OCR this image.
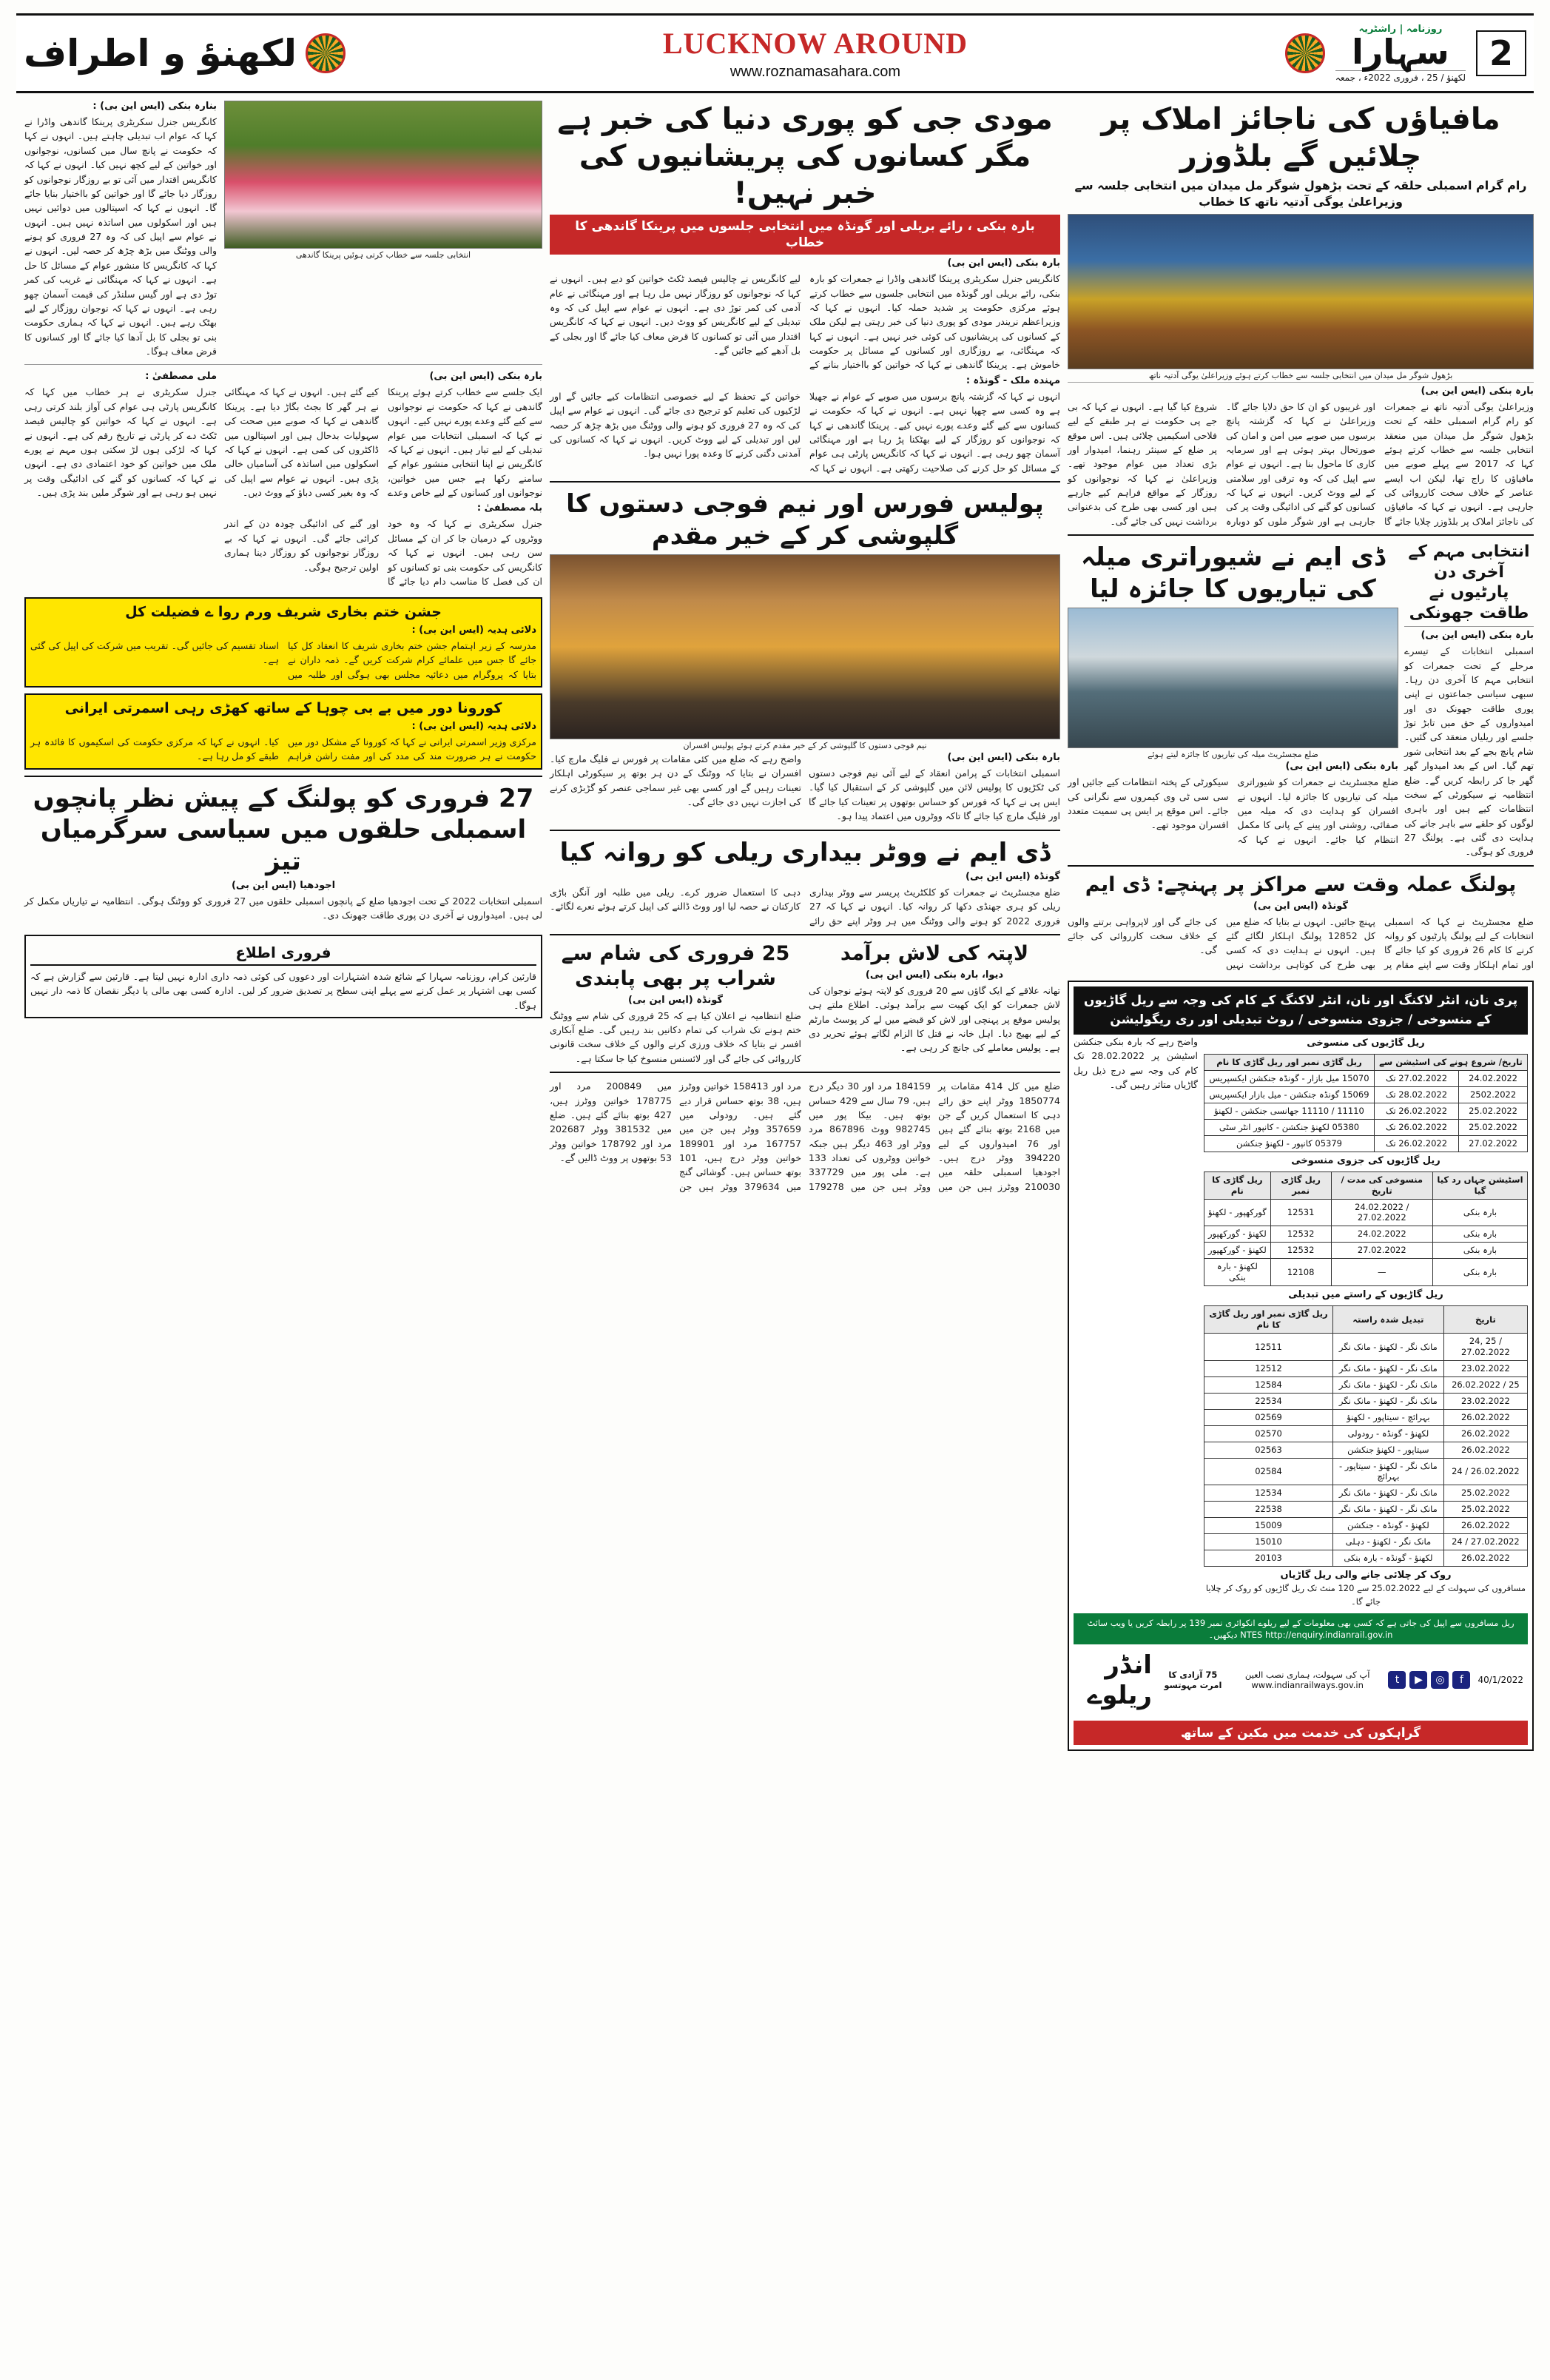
2
روزنامہ | راشٹریہ
سہارا
لکھنؤ / 25 ، فروری 2022ء ، جمعہ
LUCKNOW AROUND
www.roznamasahara.com
لکھنؤ و اطراف
مافیاؤں کی ناجائز املاک پر چلائیں گے بلڈوزر
رام گرام اسمبلی حلقہ کے تحت بڑھول شوگر مل میدان میں انتخابی جلسہ سے وزیراعلیٰ یوگی آدتیہ ناتھ کا خطاب
بڑھول شوگر مل میدان میں انتخابی جلسہ سے خطاب کرتے ہوئے وزیراعلیٰ یوگی آدتیہ ناتھ
بارہ بنکی (ایس این بی)
وزیراعلیٰ یوگی آدتیہ ناتھ نے جمعرات کو رام گرام اسمبلی حلقہ کے تحت بڑھول شوگر مل میدان میں منعقد انتخابی جلسہ سے خطاب کرتے ہوئے کہا کہ 2017 سے پہلے صوبے میں مافیاؤں کا راج تھا، لیکن اب ایسے عناصر کے خلاف سخت کارروائی کی جارہی ہے۔ انہوں نے کہا کہ مافیاؤں کی ناجائز املاک پر بلڈوزر چلایا جائے گا اور غریبوں کو ان کا حق دلایا جائے گا۔ وزیراعلیٰ نے کہا کہ گزشتہ پانچ برسوں میں صوبے میں امن و امان کی صورتحال بہتر ہوئی ہے اور سرمایہ کاری کا ماحول بنا ہے۔ انہوں نے عوام سے اپیل کی کہ وہ ترقی اور سلامتی کے لیے ووٹ کریں۔ انہوں نے کہا کہ کسانوں کو گنے کی ادائیگی وقت پر کی جارہی ہے اور شوگر ملوں کو دوبارہ شروع کیا گیا ہے۔ انہوں نے کہا کہ بی جے پی حکومت نے ہر طبقے کے لیے فلاحی اسکیمیں چلائی ہیں۔ اس موقع پر ضلع کے سینئر رہنما، امیدوار اور بڑی تعداد میں عوام موجود تھے۔ وزیراعلیٰ نے کہا کہ نوجوانوں کو روزگار کے مواقع فراہم کیے جارہے ہیں اور کسی بھی طرح کی بدعنوانی برداشت نہیں کی جائے گی۔
انتخابی مہم کے آخری دن پارٹیوں نے طاقت جھونکی
بارہ بنکی (ایس این بی)
اسمبلی انتخابات کے تیسرے مرحلے کے تحت جمعرات کو انتخابی مہم کا آخری دن رہا۔ سبھی سیاسی جماعتوں نے اپنی پوری طاقت جھونک دی اور امیدواروں کے حق میں تابڑ توڑ جلسے اور ریلیاں منعقد کی گئیں۔ شام پانچ بجے کے بعد انتخابی شور تھم گیا۔ اس کے بعد امیدوار گھر گھر جا کر رابطہ کریں گے۔ ضلع انتظامیہ نے سیکورٹی کے سخت انتظامات کیے ہیں اور باہری لوگوں کو حلقے سے باہر جانے کی ہدایت دی گئی ہے۔ پولنگ 27 فروری کو ہوگی۔
ڈی ایم نے شیوراتری میلہ کی تیاریوں کا جائزہ لیا
ضلع مجسٹریٹ میلہ کی تیاریوں کا جائزہ لیتے ہوئے
بارہ بنکی (ایس این بی)
ضلع مجسٹریٹ نے جمعرات کو شیوراتری میلہ کی تیاریوں کا جائزہ لیا۔ انہوں نے افسران کو ہدایت دی کہ میلہ میں صفائی، روشنی اور پینے کے پانی کا مکمل انتظام کیا جائے۔ انہوں نے کہا کہ سیکورٹی کے پختہ انتظامات کیے جائیں اور سی سی ٹی وی کیمروں سے نگرانی کی جائے۔ اس موقع پر ایس پی سمیت متعدد افسران موجود تھے۔
پولنگ عملہ وقت سے مراکز پر پہنچے: ڈی ایم
گونڈہ (ایس این بی)
ضلع مجسٹریٹ نے کہا کہ اسمبلی انتخابات کے لیے پولنگ پارٹیوں کو روانہ کرنے کا کام 26 فروری کو کیا جائے گا اور تمام اہلکار وقت سے اپنے مقام پر پہنچ جائیں۔ انہوں نے بتایا کہ ضلع میں کل 12852 پولنگ اہلکار لگائے گئے ہیں۔ انہوں نے ہدایت دی کہ کسی بھی طرح کی کوتاہی برداشت نہیں کی جائے گی اور لاپرواہی برتنے والوں کے خلاف سخت کارروائی کی جائے گی۔
پری نان، انٹر لاکنگ اور نان، انٹر لاکنگ کے کام کی وجہ سے ریل گاڑیوں کے منسوخی / جزوی منسوخی / روٹ تبدیلی اور ری ریگولیشن
ریل گاڑیوں کی منسوخی
تاریخ/ شروع ہونے کی اسٹیشن سے		ریل گاڑی نمبر اور ریل گاڑی کا نام
24.02.2022	27.02.2022 تک	15070 میل بازار - گونڈہ جنکشن ایکسپریس
2502.2022	28.02.2022 تک	15069 گونڈہ جنکشن - میل بازار ایکسپریس
25.02.2022	26.02.2022 تک	11110 / 11110 جھانسی جنکشن - لکھنؤ
25.02.2022	26.02.2022 تک	05380 لکھنؤ جنکشن - کانپور انٹر سٹی
27.02.2022	26.02.2022 تک	05379 کانپور - لکھنؤ جنکشن
ریل گاڑیوں کی جزوی منسوخی
اسٹیشن جہاں رد کیا گیا	منسوخی کی مدت / تاریخ	ریل گاڑی نمبر	ریل گاڑی کا نام
بارہ بنکی	24.02.2022 / 27.02.2022	12531	گورکھپور - لکھنؤ
بارہ بنکی	24.02.2022	12532	لکھنؤ - گورکھپور
بارہ بنکی	27.02.2022	12532	لکھنؤ - گورکھپور
بارہ بنکی	—	12108	لکھنؤ - بارہ بنکی
ریل گاڑیوں کے راستے میں تبدیلی
تاریخ	تبدیل شدہ راستہ	ریل گاڑی نمبر اور ریل گاڑی کا نام
24, 25 / 27.02.2022	مانک نگر - لکھنؤ - مانک نگر	12511
23.02.2022	مانک نگر - لکھنؤ - مانک نگر	12512
26.02.2022 / 25	مانک نگر - لکھنؤ - مانک نگر	12584
23.02.2022	مانک نگر - لکھنؤ - مانک نگر	22534
26.02.2022	بہرائچ - سیتاپور - لکھنؤ	02569
26.02.2022	لکھنؤ - گونڈہ - رودولی	02570
26.02.2022	سیتاپور - لکھنؤ جنکشن	02563
24 / 26.02.2022	مانک نگر - لکھنؤ - سیتاپور - بہرائچ	02584
25.02.2022	مانک نگر - لکھنؤ - مانک نگر	12534
25.02.2022	مانک نگر - لکھنؤ - مانک نگر	22538
26.02.2022	لکھنؤ - گونڈہ - جنکشن	15009
24 / 27.02.2022	مانک نگر - لکھنؤ - دہلی	15010
26.02.2022	لکھنؤ - گونڈہ - بارہ بنکی	20103
روک کر چلائی جانے والی ریل گاڑیاں
مسافروں کی سہولت کے لیے 25.02.2022 سے 120 منٹ تک ریل گاڑیوں کو روک کر چلایا جائے گا۔
واضح رہے کہ بارہ بنکی جنکشن اسٹیشن پر 28.02.2022 تک کام کی وجہ سے درج ذیل ریل گاڑیاں متاثر رہیں گی۔
ریل مسافروں سے اپیل کی جاتی ہے کہ کسی بھی معلومات کے لیے ریلوے انکوائری نمبر 139 پر رابطہ کریں یا ویب سائٹ NTES http://enquiry.indianrail.gov.in دیکھیں۔
40/1/2022
f
◎
▶
t
آپ کی سہولت، ہماری نصب العین www.indianrailways.gov.in
75 آزادی کا امرت مہوتسو
انڈر ریلوے
گراہکوں کی خدمت میں مکین کے ساتھ
مودی جی کو پوری دنیا کی خبر ہے مگر کسانوں کی پریشانیوں کی خبر نہیں!
بارہ بنکی ، رائے بریلی اور گونڈہ میں انتخابی جلسوں میں پرینکا گاندھی کا خطاب
بارہ بنکی (ایس این بی)
کانگریس جنرل سکریٹری پرینکا گاندھی واڈرا نے جمعرات کو بارہ بنکی، رائے بریلی اور گونڈہ میں انتخابی جلسوں سے خطاب کرتے ہوئے مرکزی حکومت پر شدید حملہ کیا۔ انہوں نے کہا کہ وزیراعظم نریندر مودی کو پوری دنیا کی خبر رہتی ہے لیکن ملک کے کسانوں کی پریشانیوں کی کوئی خبر نہیں ہے۔ انہوں نے کہا کہ مہنگائی، بے روزگاری اور کسانوں کے مسائل پر حکومت خاموش ہے۔ پرینکا گاندھی نے کہا کہ خواتین کو بااختیار بنانے کے لیے کانگریس نے چالیس فیصد ٹکٹ خواتین کو دیے ہیں۔ انہوں نے کہا کہ نوجوانوں کو روزگار نہیں مل رہا ہے اور مہنگائی نے عام آدمی کی کمر توڑ دی ہے۔ انہوں نے عوام سے اپیل کی کہ وہ تبدیلی کے لیے کانگریس کو ووٹ دیں۔ انہوں نے کہا کہ کانگریس اقتدار میں آئی تو کسانوں کا قرض معاف کیا جائے گا اور بجلی کے بل آدھے کیے جائیں گے۔
مہندہ ملک - گونڈہ :
انہوں نے کہا کہ گزشتہ پانچ برسوں میں صوبے کے عوام نے جھیلا ہے وہ کسی سے چھپا نہیں ہے۔ انہوں نے کہا کہ حکومت نے کسانوں سے کیے گئے وعدے پورے نہیں کیے۔ پرینکا گاندھی نے کہا کہ نوجوانوں کو روزگار کے لیے بھٹکنا پڑ رہا ہے اور مہنگائی آسمان چھو رہی ہے۔ انہوں نے کہا کہ کانگریس پارٹی ہی عوام کے مسائل کو حل کرنے کی صلاحیت رکھتی ہے۔ انہوں نے کہا کہ خواتین کے تحفظ کے لیے خصوصی انتظامات کیے جائیں گے اور لڑکیوں کی تعلیم کو ترجیح دی جائے گی۔ انہوں نے عوام سے اپیل کی کہ وہ 27 فروری کو ہونے والی ووٹنگ میں بڑھ چڑھ کر حصہ لیں اور تبدیلی کے لیے ووٹ کریں۔ انہوں نے کہا کہ کسانوں کی آمدنی دگنی کرنے کا وعدہ پورا نہیں ہوا۔
پولیس فورس اور نیم فوجی دستوں کا گلپوشی کر کے خیر مقدم
نیم فوجی دستوں کا گلپوشی کر کے خیر مقدم کرتے ہوئے پولیس افسران
بارہ بنکی (ایس این بی)
اسمبلی انتخابات کے پرامن انعقاد کے لیے آئی نیم فوجی دستوں کی ٹکڑیوں کا پولیس لائن میں گلپوشی کر کے استقبال کیا گیا۔ ایس پی نے کہا کہ فورس کو حساس بوتھوں پر تعینات کیا جائے گا اور فلیگ مارچ کیا جائے گا تاکہ ووٹروں میں اعتماد پیدا ہو۔
واضح رہے کہ ضلع میں کئی مقامات پر فورس نے فلیگ مارچ کیا۔ افسران نے بتایا کہ ووٹنگ کے دن ہر بوتھ پر سیکورٹی اہلکار تعینات رہیں گے اور کسی بھی غیر سماجی عنصر کو گڑبڑی کرنے کی اجازت نہیں دی جائے گی۔
ڈی ایم نے ووٹر بیداری ریلی کو روانہ کیا
گونڈہ (ایس این بی)
ضلع مجسٹریٹ نے جمعرات کو کلکٹریٹ پریسر سے ووٹر بیداری ریلی کو ہری جھنڈی دکھا کر روانہ کیا۔ انہوں نے کہا کہ 27 فروری 2022 کو ہونے والی ووٹنگ میں ہر ووٹر اپنے حق رائے دہی کا استعمال ضرور کرے۔ ریلی میں طلبہ اور آنگن باڑی کارکنان نے حصہ لیا اور ووٹ ڈالنے کی اپیل کرتے ہوئے نعرے لگائے۔
لاپتہ کی لاش برآمد
دیوا، بارہ بنکی (ایس این بی)
تھانہ علاقے کے ایک گاؤں سے 20 فروری کو لاپتہ ہوئے نوجوان کی لاش جمعرات کو ایک کھیت سے برآمد ہوئی۔ اطلاع ملتے ہی پولیس موقع پر پہنچی اور لاش کو قبضے میں لے کر پوسٹ مارٹم کے لیے بھیج دیا۔ اہل خانہ نے قتل کا الزام لگاتے ہوئے تحریر دی ہے۔ پولیس معاملے کی جانچ کر رہی ہے۔
25 فروری کی شام سے شراب پر بھی پابندی
گونڈہ (ایس این بی)
ضلع انتظامیہ نے اعلان کیا ہے کہ 25 فروری کی شام سے ووٹنگ ختم ہونے تک شراب کی تمام دکانیں بند رہیں گی۔ ضلع آبکاری افسر نے بتایا کہ خلاف ورزی کرنے والوں کے خلاف سخت قانونی کارروائی کی جائے گی اور لائسنس منسوخ کیا جا سکتا ہے۔
ضلع میں کل 414 مقامات پر 1850774 ووٹر اپنے حق رائے دہی کا استعمال کریں گے جن میں 2168 بوتھ بنائے گئے ہیں اور 76 امیدواروں کے لیے 394220 ووٹر درج ہیں۔ اجودھیا اسمبلی حلقہ میں 210030 ووٹرز ہیں جن میں 184159 مرد اور 30 دیگر درج ہیں، 79 سال سے 429 حساس بوتھ ہیں۔ بیکا پور میں 982745 ووٹ 867896 مرد ووٹر اور 463 دیگر ہیں جبکہ خواتین ووٹروں کی تعداد 133 ہے۔ ملی پور میں 337729 ووٹر ہیں جن میں 179278 مرد اور 158413 خواتین ووٹرز ہیں، 38 بوتھ حساس قرار دیے گئے ہیں۔ رودولی میں 357659 ووٹر ہیں جن میں 167757 مرد اور 189901 خواتین ووٹر درج ہیں، 101 بوتھ حساس ہیں۔ گوشائی گنج میں 379634 ووٹر ہیں جن میں 200849 مرد اور 178775 خواتین ووٹرز ہیں، 427 بوتھ بنائے گئے ہیں۔ ضلع میں 381532 ووٹر 202687 مرد اور 178792 خواتین ووٹر 53 بوتھوں پر ووٹ ڈالیں گے۔
انتخابی جلسہ سے خطاب کرتی ہوئیں پرینکا گاندھی
بنارہ بنکی (ایس این بی) :
کانگریس جنرل سکریٹری پرینکا گاندھی واڈرا نے کہا کہ عوام اب تبدیلی چاہتے ہیں۔ انہوں نے کہا کہ حکومت نے پانچ سال میں کسانوں، نوجوانوں اور خواتین کے لیے کچھ نہیں کیا۔ انہوں نے کہا کہ کانگریس اقتدار میں آئی تو بے روزگار نوجوانوں کو روزگار دیا جائے گا اور خواتین کو بااختیار بنایا جائے گا۔ انہوں نے کہا کہ اسپتالوں میں دوائیں نہیں ہیں اور اسکولوں میں اساتذہ نہیں ہیں۔ انہوں نے عوام سے اپیل کی کہ وہ 27 فروری کو ہونے والی ووٹنگ میں بڑھ چڑھ کر حصہ لیں۔ انہوں نے کہا کہ کانگریس کا منشور عوام کے مسائل کا حل ہے۔ انہوں نے کہا کہ مہنگائی نے غریب کی کمر توڑ دی ہے اور گیس سلنڈر کی قیمت آسمان چھو رہی ہے۔ انہوں نے کہا کہ نوجوان روزگار کے لیے بھٹک رہے ہیں۔ انہوں نے کہا کہ ہماری حکومت بنی تو بجلی کا بل آدھا کیا جائے گا اور کسانوں کا قرض معاف ہوگا۔
بارہ بنکی (ایس این بی)
ایک جلسے سے خطاب کرتے ہوئے پرینکا گاندھی نے کہا کہ حکومت نے نوجوانوں سے کیے گئے وعدے پورے نہیں کیے۔ انہوں نے کہا کہ اسمبلی انتخابات میں عوام تبدیلی کے لیے تیار ہیں۔ انہوں نے کہا کہ کانگریس نے اپنا انتخابی منشور عوام کے سامنے رکھا ہے جس میں خواتین، نوجوانوں اور کسانوں کے لیے خاص وعدے کیے گئے ہیں۔ انہوں نے کہا کہ مہنگائی نے ہر گھر کا بجٹ بگاڑ دیا ہے۔ پرینکا گاندھی نے کہا کہ صوبے میں صحت کی سہولیات بدحال ہیں اور اسپتالوں میں ڈاکٹروں کی کمی ہے۔ انہوں نے کہا کہ اسکولوں میں اساتذہ کی آسامیاں خالی پڑی ہیں۔ انہوں نے عوام سے اپیل کی کہ وہ بغیر کسی دباؤ کے ووٹ دیں۔
بلہ مصطفیٰ :
جنرل سکریٹری نے کہا کہ وہ خود ووٹروں کے درمیان جا کر ان کے مسائل سن رہی ہیں۔ انہوں نے کہا کہ کانگریس کی حکومت بنی تو کسانوں کو ان کی فصل کا مناسب دام دیا جائے گا اور گنے کی ادائیگی چودہ دن کے اندر کرائی جائے گی۔ انہوں نے کہا کہ بے روزگار نوجوانوں کو روزگار دینا ہماری اولین ترجیح ہوگی۔
ملی مصطفیٰ :
جنرل سکریٹری نے ہر خطاب میں کہا کہ کانگریس پارٹی ہی عوام کی آواز بلند کرتی رہی ہے۔ انہوں نے کہا کہ خواتین کو چالیس فیصد ٹکٹ دے کر پارٹی نے تاریخ رقم کی ہے۔ انہوں نے کہا کہ لڑکی ہوں لڑ سکتی ہوں مہم نے پورے ملک میں خواتین کو خود اعتمادی دی ہے۔ انہوں نے کہا کہ کسانوں کو گنے کی ادائیگی وقت پر نہیں ہو رہی ہے اور شوگر ملیں بند پڑی ہیں۔
جشن ختم بخاری شریف ورم روا ے فضیلت کل
دلائی ہدیہ (ایس این بی) :
مدرسہ کے زیر اہتمام جشن ختم بخاری شریف کا انعقاد کل کیا جائے گا جس میں علمائے کرام شرکت کریں گے۔ ذمہ داران نے بتایا کہ پروگرام میں دعائیہ مجلس بھی ہوگی اور طلبہ میں اسناد تقسیم کی جائیں گی۔ تقریب میں شرکت کی اپیل کی گئی ہے۔
کورونا دور میں بے بی چوہا کے ساتھ کھڑی رہی اسمرتی ایرانی
دلائی ہدیہ (ایس این بی) :
مرکزی وزیر اسمرتی ایرانی نے کہا کہ کورونا کے مشکل دور میں حکومت نے ہر ضرورت مند کی مدد کی اور مفت راشن فراہم کیا۔ انہوں نے کہا کہ مرکزی حکومت کی اسکیموں کا فائدہ ہر طبقے کو مل رہا ہے۔
27 فروری کو پولنگ کے پیش نظر پانچوں اسمبلی حلقوں میں سیاسی سرگرمیاں تیز
اجودھیا (ایس این بی)
اسمبلی انتخابات 2022 کے تحت اجودھیا ضلع کے پانچوں اسمبلی حلقوں میں 27 فروری کو ووٹنگ ہوگی۔ انتظامیہ نے تیاریاں مکمل کر لی ہیں۔ امیدواروں نے آخری دن پوری طاقت جھونک دی۔
فروری اطلاع
قارئین کرام، روزنامہ سہارا کے شائع شدہ اشتہارات اور دعووں کی کوئی ذمہ داری ادارہ نہیں لیتا ہے۔ قارئین سے گزارش ہے کہ کسی بھی اشتہار پر عمل کرنے سے پہلے اپنی سطح پر تصدیق ضرور کر لیں۔ ادارہ کسی بھی مالی یا دیگر نقصان کا ذمہ دار نہیں ہوگا۔
